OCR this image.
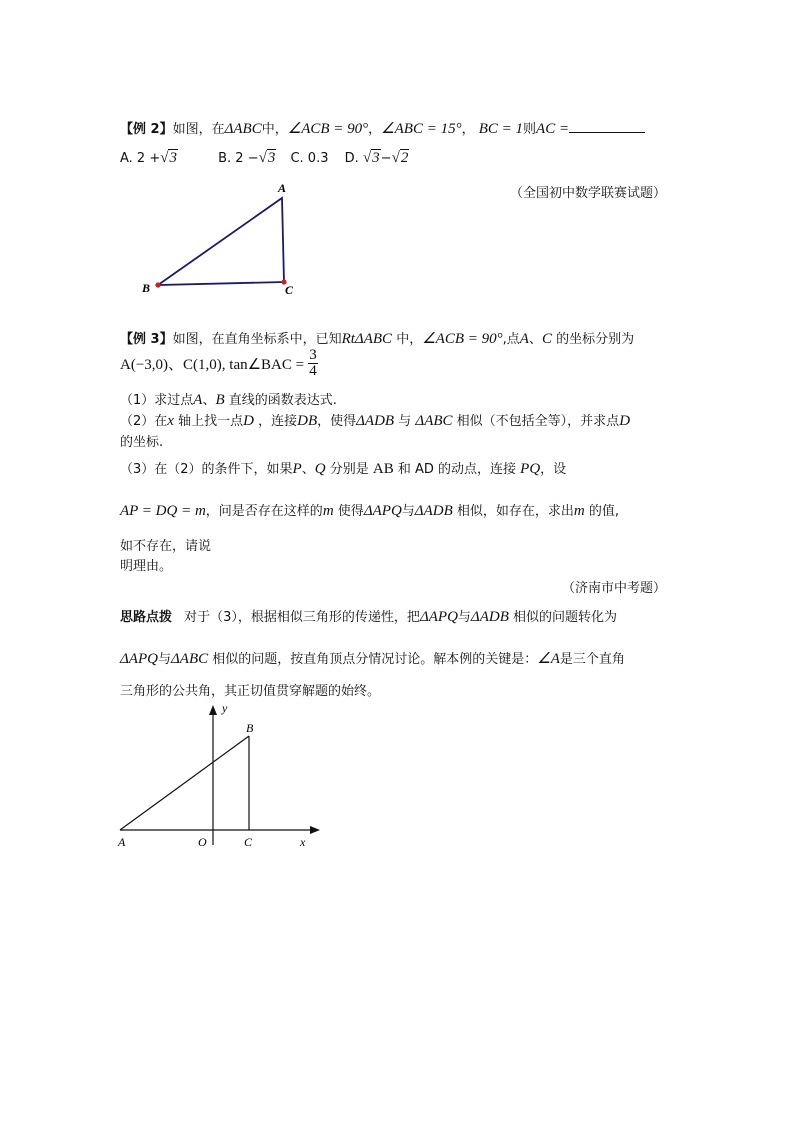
【例 2】如图，在ΔABC中，∠ACB = 90°，∠ABC = 15°， BC = 1则AC =
A. 2 +√3	B. 2 −√3 C. 0.3 D. √3−√2
（全国初中数学联赛试题）
A
B	C
【例 3】如图，在直角坐标系中，已知RtΔABC 中，∠ACB = 90°,点A、C 的坐标分别为
A(−3,0)、C(1,0), tan∠BAC = $\frac{3}{4}$
（1）求过点A、B 直线的函数表达式.
（2）在x 轴上找一点D ，连接DB，使得ΔADB 与 ΔABC 相似（不包括全等），并求点D
的坐标.
（3）在（2）的条件下，如果P、Q 分别是 AB 和 AD 的动点，连接 PQ，设
AP = DQ = m，问是否存在这样的m 使得ΔAPQ与ΔADB 相似，如存在，求出m 的值,
如不存在，请说
明理由。
（济南市中考题）
思路点拨 对于（3），根据相似三角形的传递性，把ΔAPQ与ΔADB 相似的问题转化为
ΔAPQ与ΔABC 相似的问题，按直角顶点分情况讨论。解本例的关键是：∠A是三个直角
三角形的公共角，其正切值贯穿解题的始终。
y
B
A	O	C	x
